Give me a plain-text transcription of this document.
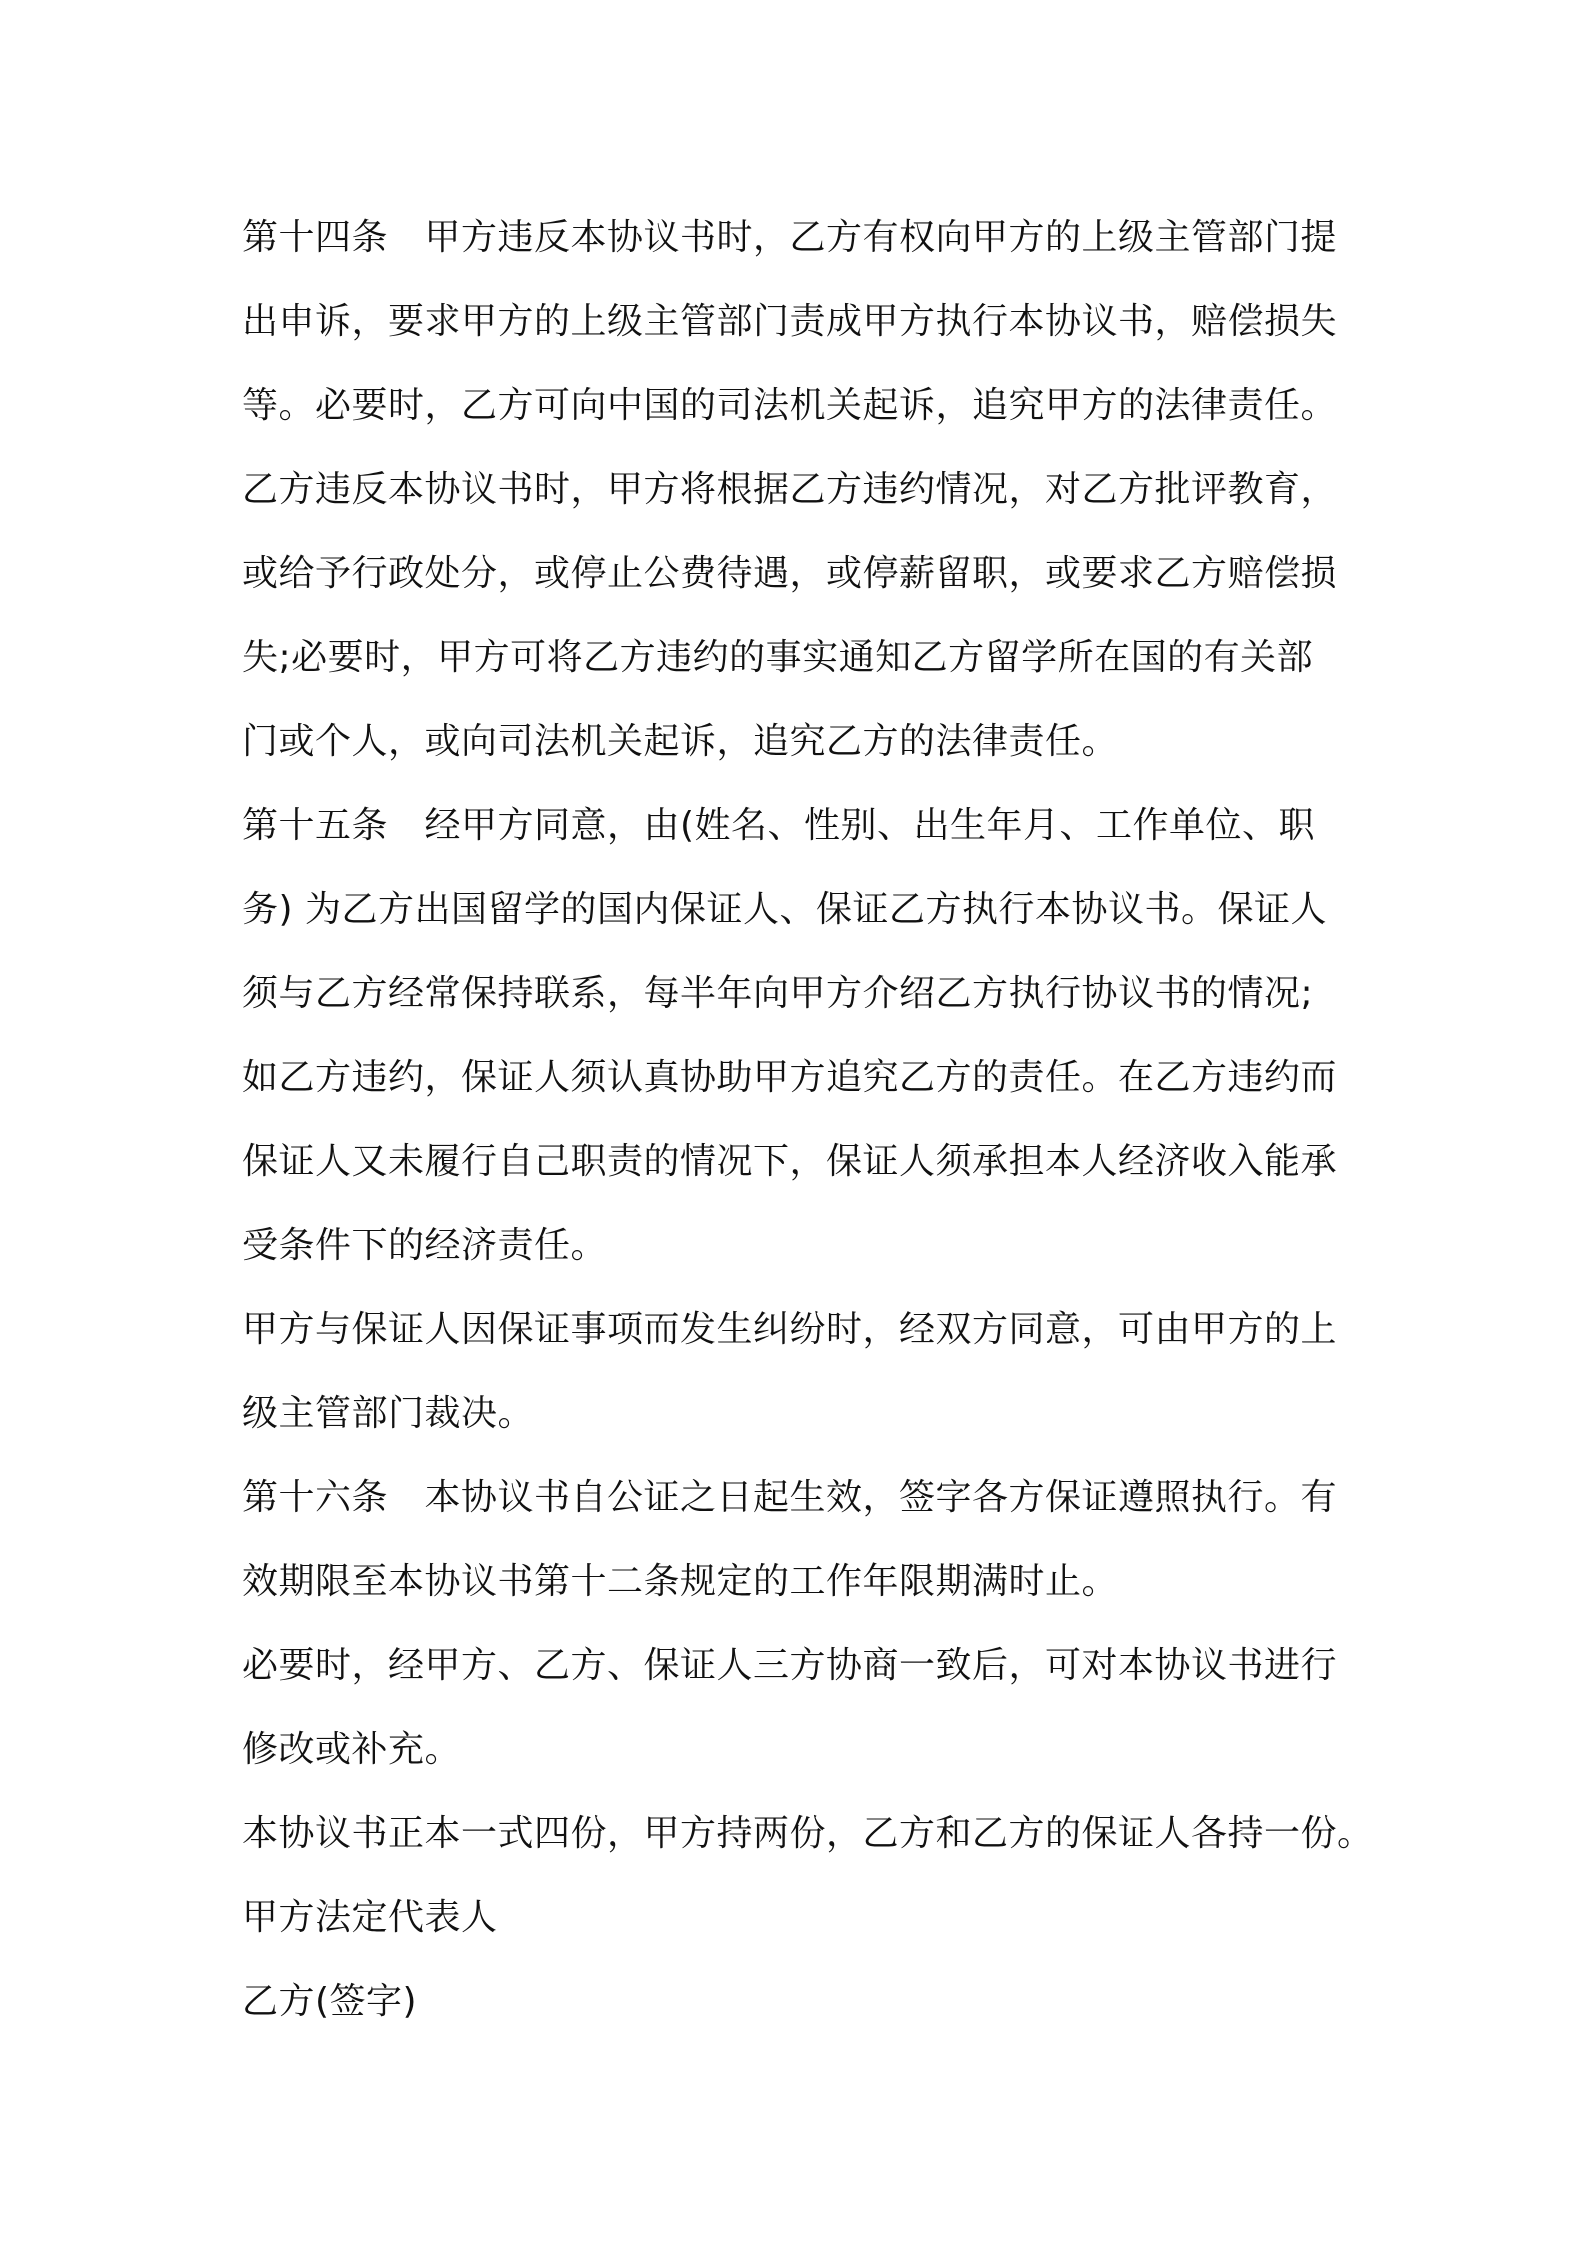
第十四条　甲方违反本协议书时，乙方有权向甲方的上级主管部门提
出申诉，要求甲方的上级主管部门责成甲方执行本协议书，赔偿损失
等。必要时，乙方可向中国的司法机关起诉，追究甲方的法律责任。

乙方违反本协议书时，甲方将根据乙方违约情况，对乙方批评教育，
或给予行政处分，或停止公费待遇，或停薪留职，或要求乙方赔偿损
失;必要时，甲方可将乙方违约的事实通知乙方留学所在国的有关部
门或个人，或向司法机关起诉，追究乙方的法律责任。

第十五条　经甲方同意，由(姓名、性别、出生年月、工作单位、职
务) 为乙方出国留学的国内保证人、保证乙方执行本协议书。保证人
须与乙方经常保持联系，每半年向甲方介绍乙方执行协议书的情况;
如乙方违约，保证人须认真协助甲方追究乙方的责任。在乙方违约而
保证人又未履行自己职责的情况下，保证人须承担本人经济收入能承
受条件下的经济责任。

甲方与保证人因保证事项而发生纠纷时，经双方同意，可由甲方的上
级主管部门裁决。

第十六条　本协议书自公证之日起生效，签字各方保证遵照执行。有
效期限至本协议书第十二条规定的工作年限期满时止。

必要时，经甲方、乙方、保证人三方协商一致后，可对本协议书进行
修改或补充。

本协议书正本一式四份，甲方持两份，乙方和乙方的保证人各持一份。

甲方法定代表人

乙方(签字)
